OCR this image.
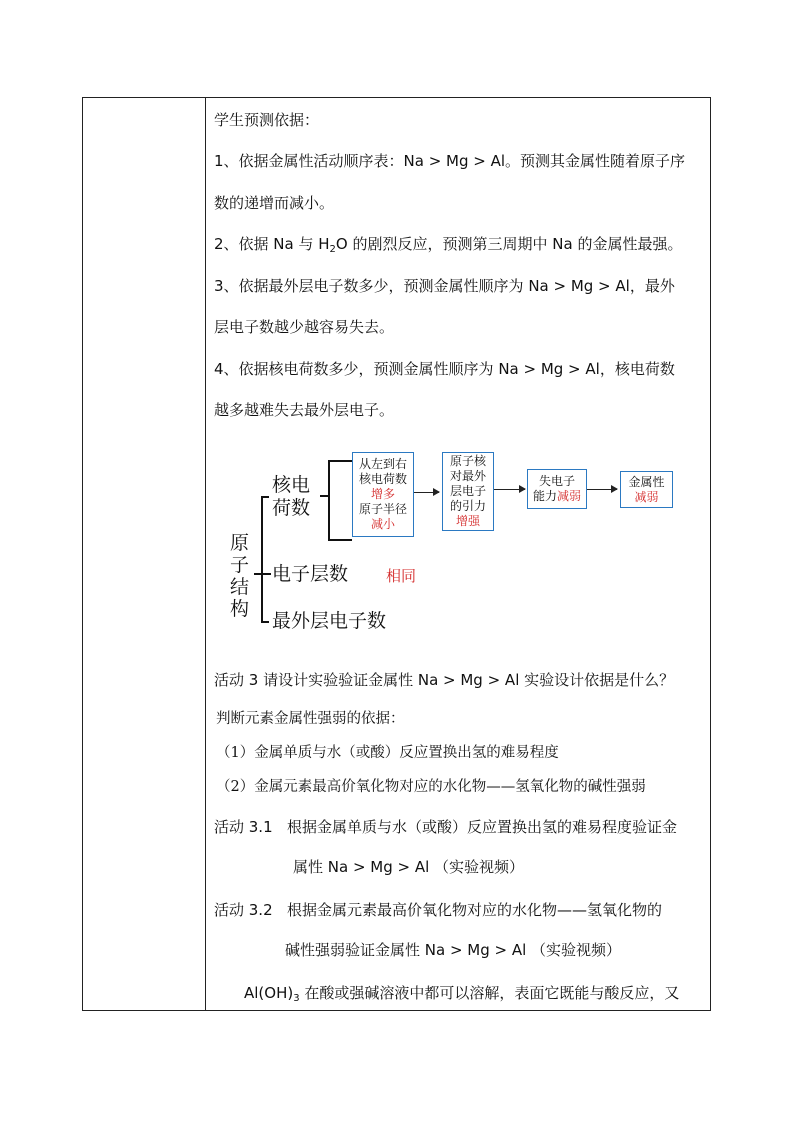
学生预测依据：
1、依据金属性活动顺序表：Na > Mg > Al。预测其金属性随着原子序
数的递增而减小。
2、依据 Na 与 $H_2O$ 的剧烈反应，预测第三周期中 Na 的金属性最强。
3、依据最外层电子数多少，预测金属性顺序为 Na > Mg > Al，最外
层电子数越少越容易失去。
4、依据核电荷数多少，预测金属性顺序为 Na > Mg > Al，核电荷数
越多越难失去最外层电子。
原
子
结
构
核电
荷数
电子层数	相同
最外层电子数
从左到右
核电荷数
增多
原子半径
减小
原子核
对最外
层电子
的引力
增强
失电子
能力减弱
金属性
减弱
活动 3 请设计实验验证金属性 Na > Mg > Al 实验设计依据是什么？
判断元素金属性强弱的依据：
（1）金属单质与水（或酸）反应置换出氢的难易程度
（2）金属元素最高价氧化物对应的水化物——氢氧化物的碱性强弱
活动 3.1 根据金属单质与水（或酸）反应置换出氢的难易程度验证金
属性 Na > Mg > Al （实验视频）
活动 3.2 根据金属元素最高价氧化物对应的水化物——氢氧化物的
碱性强弱验证金属性 Na > Mg > Al （实验视频）
$Al(OH)_3$ 在酸或强碱溶液中都可以溶解，表面它既能与酸反应，又
